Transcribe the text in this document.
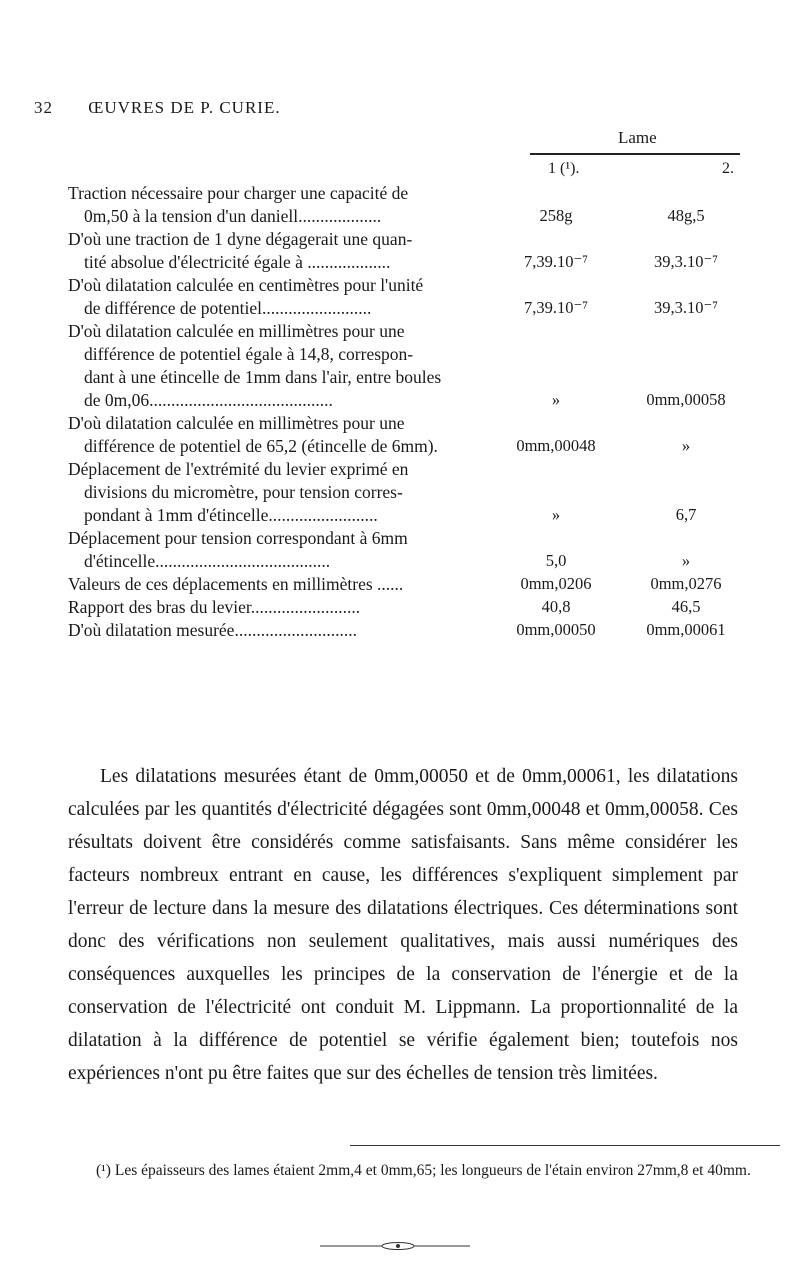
32 ŒUVRES DE P. CURIE.
Lame
1 (¹).	2.
Traction nécessaire pour charger une capacité de
0m,50 à la tension d'un daniell...................	258g	48g,5
D'où une traction de 1 dyne dégagerait une quan-
tité absolue d'électricité égale à ...................	7,39.10⁻⁷	39,3.10⁻⁷
D'où dilatation calculée en centimètres pour l'unité
de différence de potentiel.........................	7,39.10⁻⁷	39,3.10⁻⁷
D'où dilatation calculée en millimètres pour une
différence de potentiel égale à 14,8, correspon-
dant à une étincelle de 1mm dans l'air, entre boules
de 0m,06..........................................	»	0mm,00058
D'où dilatation calculée en millimètres pour une
différence de potentiel de 65,2 (étincelle de 6mm).	0mm,00048	»
Déplacement de l'extrémité du levier exprimé en
divisions du micromètre, pour tension corres-
pondant à 1mm d'étincelle.........................	»	6,7
Déplacement pour tension correspondant à 6mm
d'étincelle........................................	5,0	»
Valeurs de ces déplacements en millimètres ......	0mm,0206	0mm,0276
Rapport des bras du levier.........................	40,8	46,5
D'où dilatation mesurée............................	0mm,00050	0mm,00061

Les dilatations mesurées étant de 0mm,00050 et de 0mm,00061, les dilatations calculées par les quantités d'électricité dégagées sont 0mm,00048 et 0mm,00058. Ces résultats doivent être considérés comme satisfaisants. Sans même considérer les facteurs nombreux entrant en cause, les différences s'expliquent simplement par l'erreur de lecture dans la mesure des dilatations électriques. Ces déterminations sont donc des vérifications non seulement qualitatives, mais aussi numériques des conséquences auxquelles les principes de la conservation de l'énergie et de la conservation de l'électricité ont conduit M. Lippmann. La proportionnalité de la dilatation à la différence de potentiel se vérifie également bien; toutefois nos expériences n'ont pu être faites que sur des échelles de tension très limitées.

(¹) Les épaisseurs des lames étaient 2mm,4 et 0mm,65; les longueurs de l'étain environ 27mm,8 et 40mm.
